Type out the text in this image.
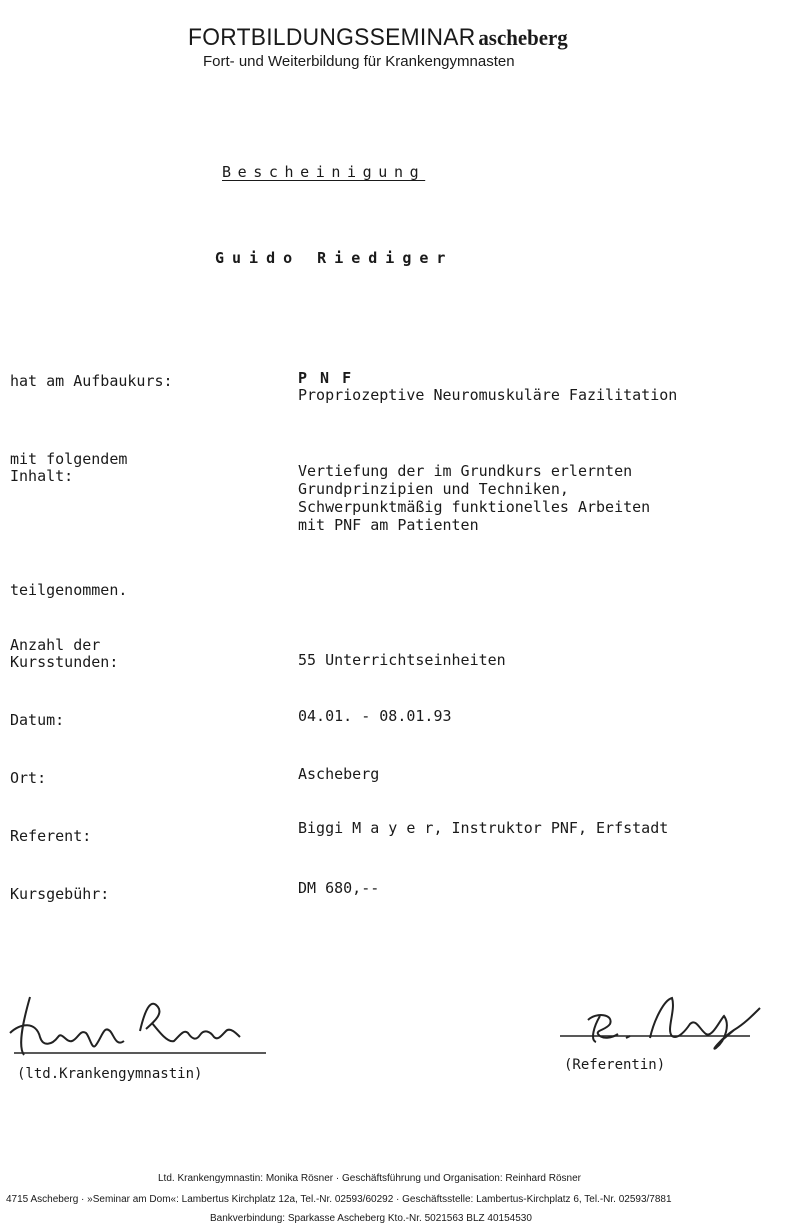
FORTBILDUNGSSEMINAR ascheberg
Fort- und Weiterbildung für Krankengymnasten
Bescheinigung
Guido Riediger
hat am Aufbaukurs:	P N F
Propriozeptive Neuromuskuläre Fazilitation
mit folgendem
Inhalt:	Vertiefung der im Grundkurs erlernten
Grundprinzipien und Techniken,
Schwerpunktmäßig funktionelles Arbeiten
mit PNF am Patienten
teilgenommen.
Anzahl der
Kursstunden:	55 Unterrichtseinheiten
Datum:	04.01. - 08.01.93
Ort:	Ascheberg
Referent:	Biggi M a y e r, Instruktor PNF, Erfstadt
Kursgebühr:	DM 680,--
(ltd.Krankengymnastin)
(Referentin)
Ltd. Krankengymnastin: Monika Rösner · Geschäftsführung und Organisation: Reinhard Rösner
4715 Ascheberg · »Seminar am Dom«: Lambertus Kirchplatz 12a, Tel.-Nr. 02593/60292 · Geschäftsstelle: Lambertus-Kirchplatz 6, Tel.-Nr. 02593/7881
Bankverbindung: Sparkasse Ascheberg Kto.-Nr. 5021563 BLZ 40154530
